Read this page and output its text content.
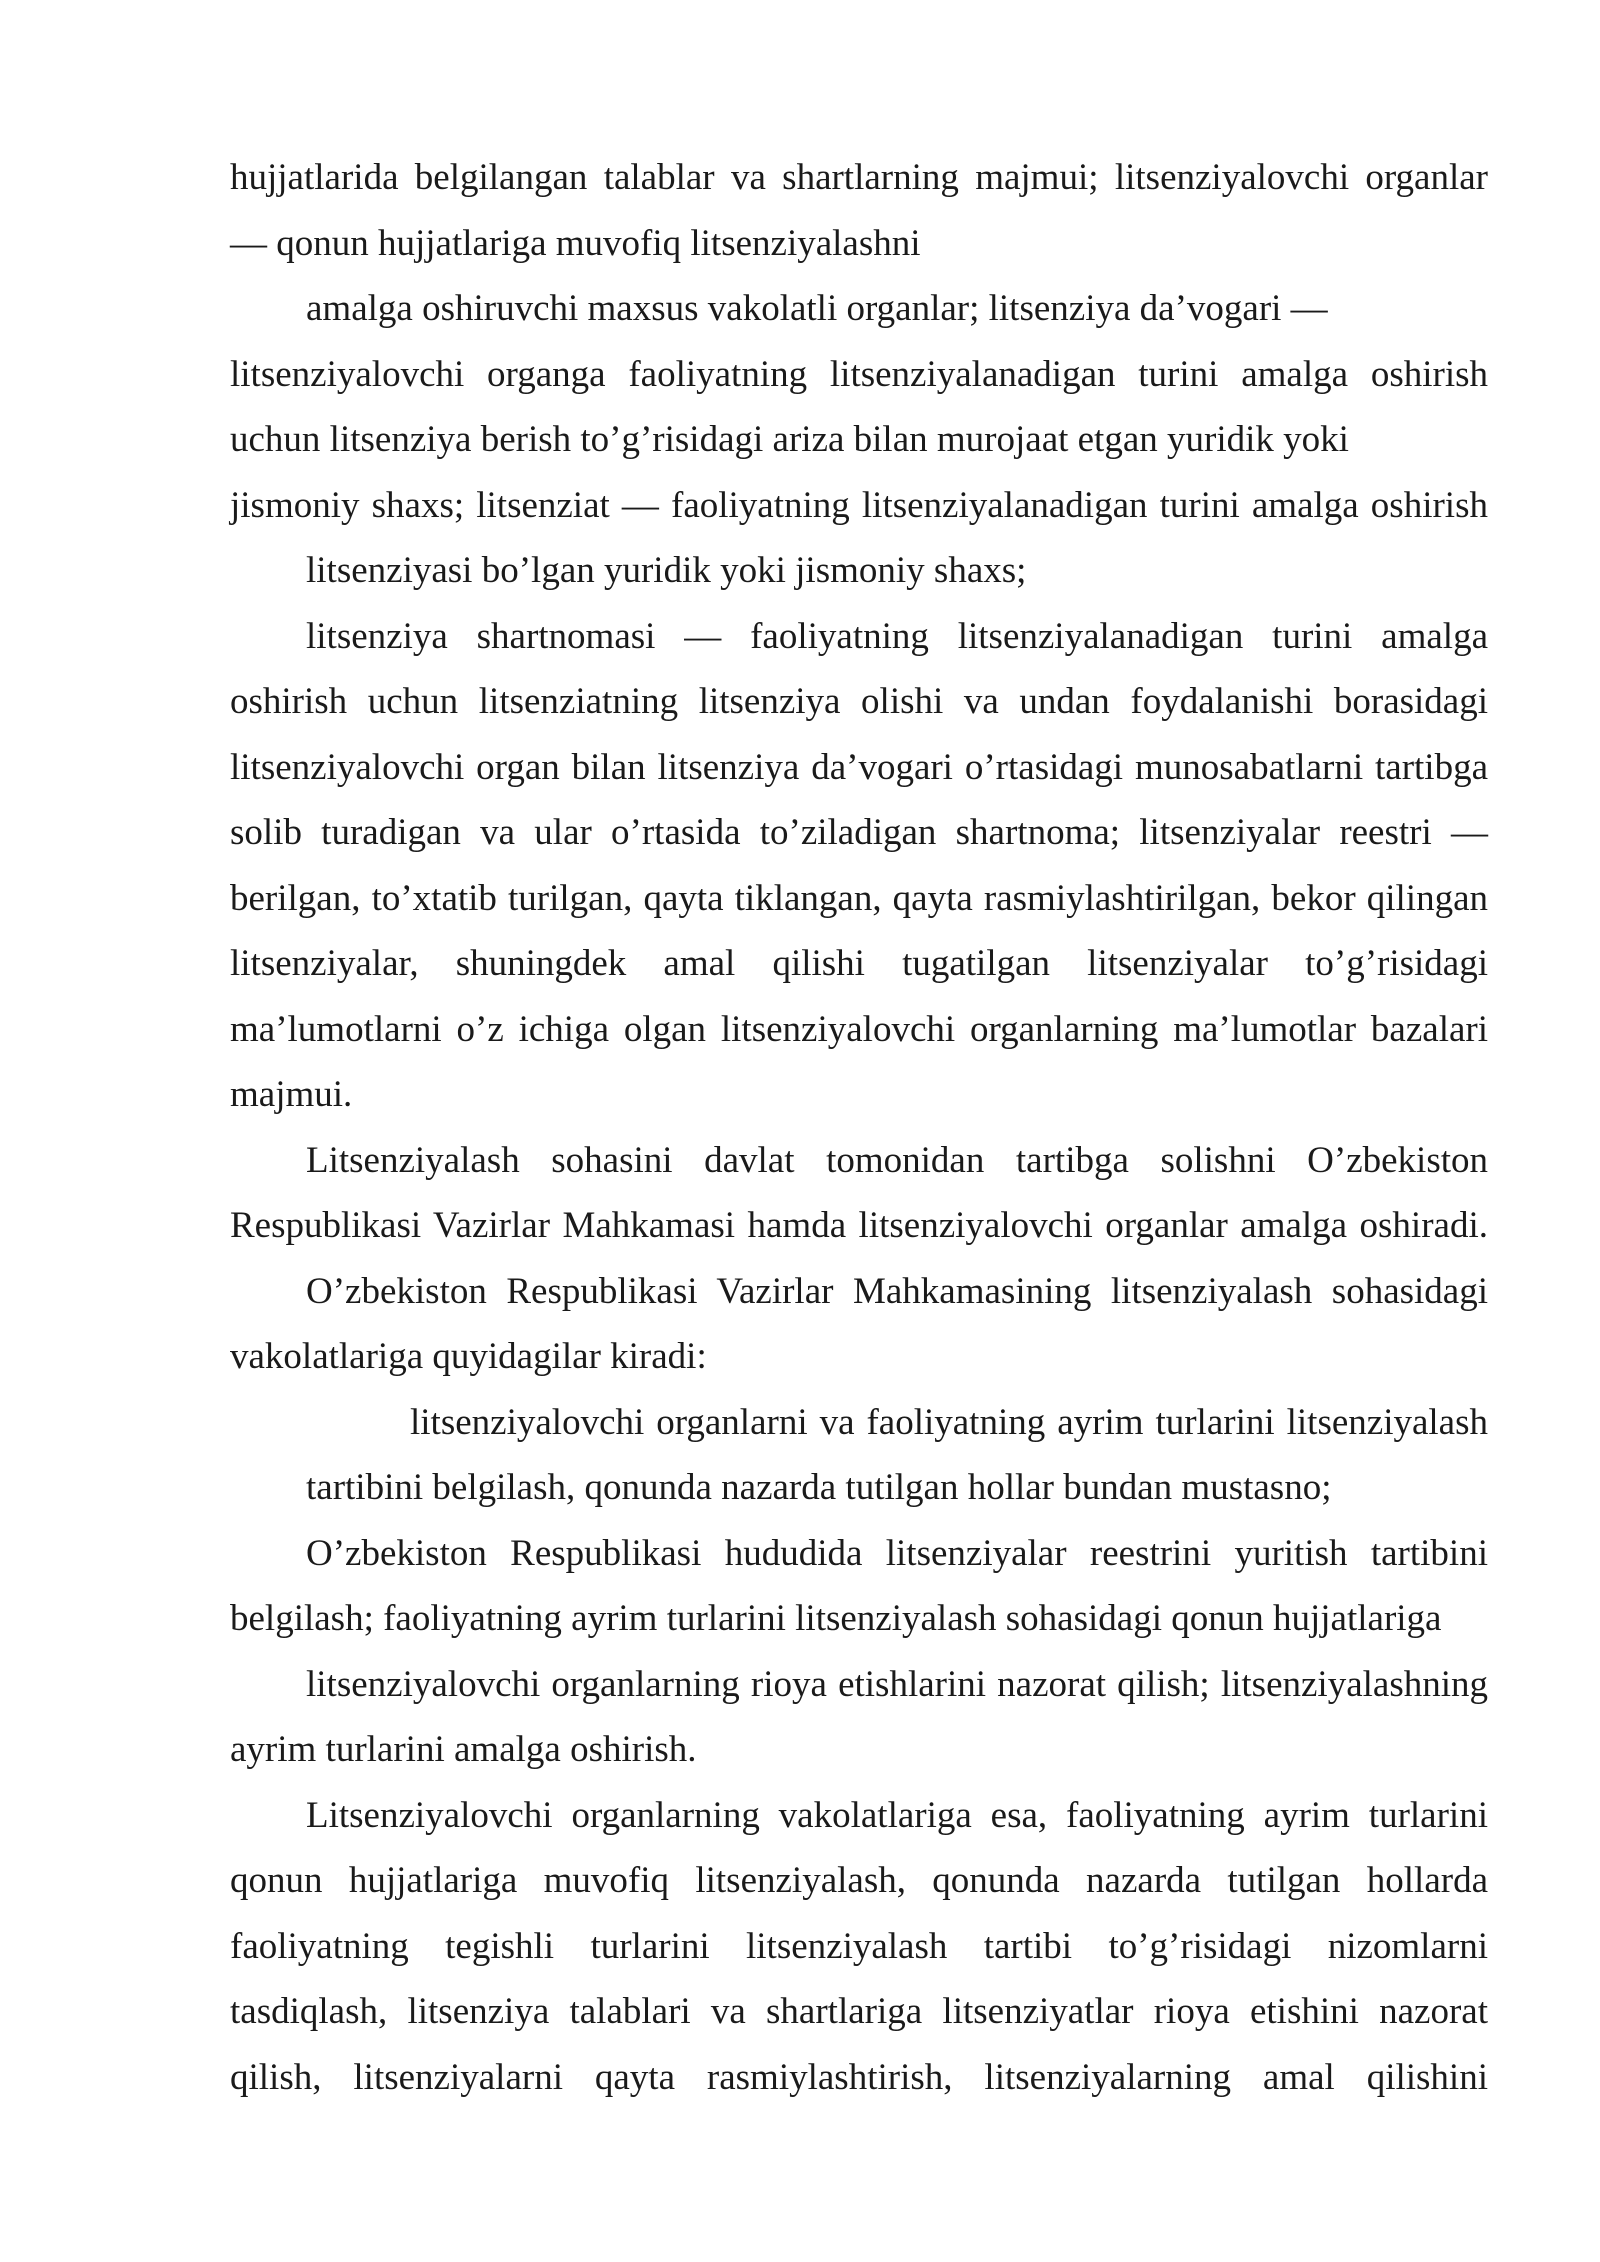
hujjatlarida belgilangan talablar va shartlarning majmui; litsenziyalovchi organlar
— qonun hujjatlariga muvofiq litsenziyalashni
amalga oshiruvchi maxsus vakolatli organlar; litsenziya da’vogari —
litsenziyalovchi organga faoliyatning litsenziyalanadigan turini amalga oshirish
uchun litsenziya berish to’g’risidagi ariza bilan murojaat etgan yuridik yoki
jismoniy shaxs; litsenziat — faoliyatning litsenziyalanadigan turini amalga oshirish
litsenziyasi bo’lgan yuridik yoki jismoniy shaxs;
litsenziya shartnomasi — faoliyatning litsenziyalanadigan turini amalga
oshirish uchun litsenziatning litsenziya olishi va undan foydalanishi borasidagi
litsenziyalovchi organ bilan litsenziya da’vogari o’rtasidagi munosabatlarni tartibga
solib turadigan va ular o’rtasida to’ziladigan shartnoma; litsenziyalar reestri —
berilgan, to’xtatib turilgan, qayta tiklangan, qayta rasmiylashtirilgan, bekor qilingan
litsenziyalar, shuningdek amal qilishi tugatilgan litsenziyalar to’g’risidagi
ma’lumotlarni o’z ichiga olgan litsenziyalovchi organlarning ma’lumotlar bazalari
majmui.
Litsenziyalash sohasini davlat tomonidan tartibga solishni O’zbekiston
Respublikasi Vazirlar Mahkamasi hamda litsenziyalovchi organlar amalga oshiradi.
O’zbekiston Respublikasi Vazirlar Mahkamasining litsenziyalash sohasidagi
vakolatlariga quyidagilar kiradi:
litsenziyalovchi organlarni va faoliyatning ayrim turlarini litsenziyalash
tartibini belgilash, qonunda nazarda tutilgan hollar bundan mustasno;
O’zbekiston Respublikasi hududida litsenziyalar reestrini yuritish tartibini
belgilash; faoliyatning ayrim turlarini litsenziyalash sohasidagi qonun hujjatlariga
litsenziyalovchi organlarning rioya etishlarini nazorat qilish; litsenziyalashning
ayrim turlarini amalga oshirish.
Litsenziyalovchi organlarning vakolatlariga esa, faoliyatning ayrim turlarini
qonun hujjatlariga muvofiq litsenziyalash, qonunda nazarda tutilgan hollarda
faoliyatning tegishli turlarini litsenziyalash tartibi to’g’risidagi nizomlarni
tasdiqlash, litsenziya talablari va shartlariga litsenziyatlar rioya etishini nazorat
qilish, litsenziyalarni qayta rasmiylashtirish, litsenziyalarning amal qilishini
